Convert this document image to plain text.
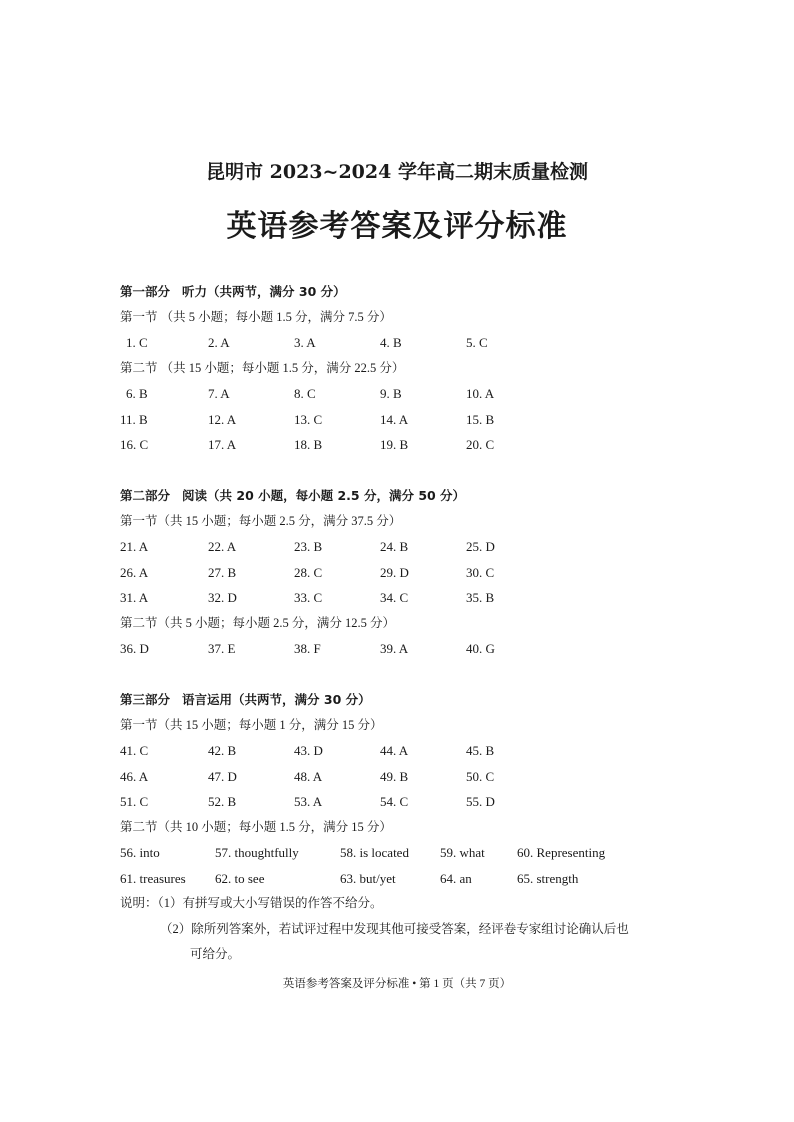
昆明市 2023~2024 学年高二期末质量检测
英语参考答案及评分标准
第一部分 听力（共两节，满分 30 分）
第一节 （共 5 小题；每小题 1.5 分，满分 7.5 分）
1. C	2. A	3. A	4. B	5. C
第二节 （共 15 小题；每小题 1.5 分，满分 22.5 分）
6. B	7. A	8. C	9. B	10. A
11. B	12. A	13. C	14. A	15. B
16. C	17. A	18. B	19. B	20. C
第二部分 阅读（共 20 小题，每小题 2.5 分，满分 50 分）
第一节（共 15 小题；每小题 2.5 分，满分 37.5 分）
21. A	22. A	23. B	24. B	25. D
26. A	27. B	28. C	29. D	30. C
31. A	32. D	33. C	34. C	35. B
第二节（共 5 小题；每小题 2.5 分，满分 12.5 分）
36. D	37. E	38. F	39. A	40. G
第三部分 语言运用（共两节，满分 30 分）
第一节（共 15 小题；每小题 1 分，满分 15 分）
41. C	42. B	43. D	44. A	45. B
46. A	47. D	48. A	49. B	50. C
51. C	52. B	53. A	54. C	55. D
第二节（共 10 小题；每小题 1.5 分，满分 15 分）
56. into	57. thoughtfully	58. is located	59. what	60. Representing
61. treasures	62. to see	63. but/yet	64. an	65. strength
说明：（1）有拼写或大小写错误的作答不给分。
（2）除所列答案外，若试评过程中发现其他可接受答案，经评卷专家组讨论确认后也
可给分。
英语参考答案及评分标准 • 第 1 页（共 7 页）
